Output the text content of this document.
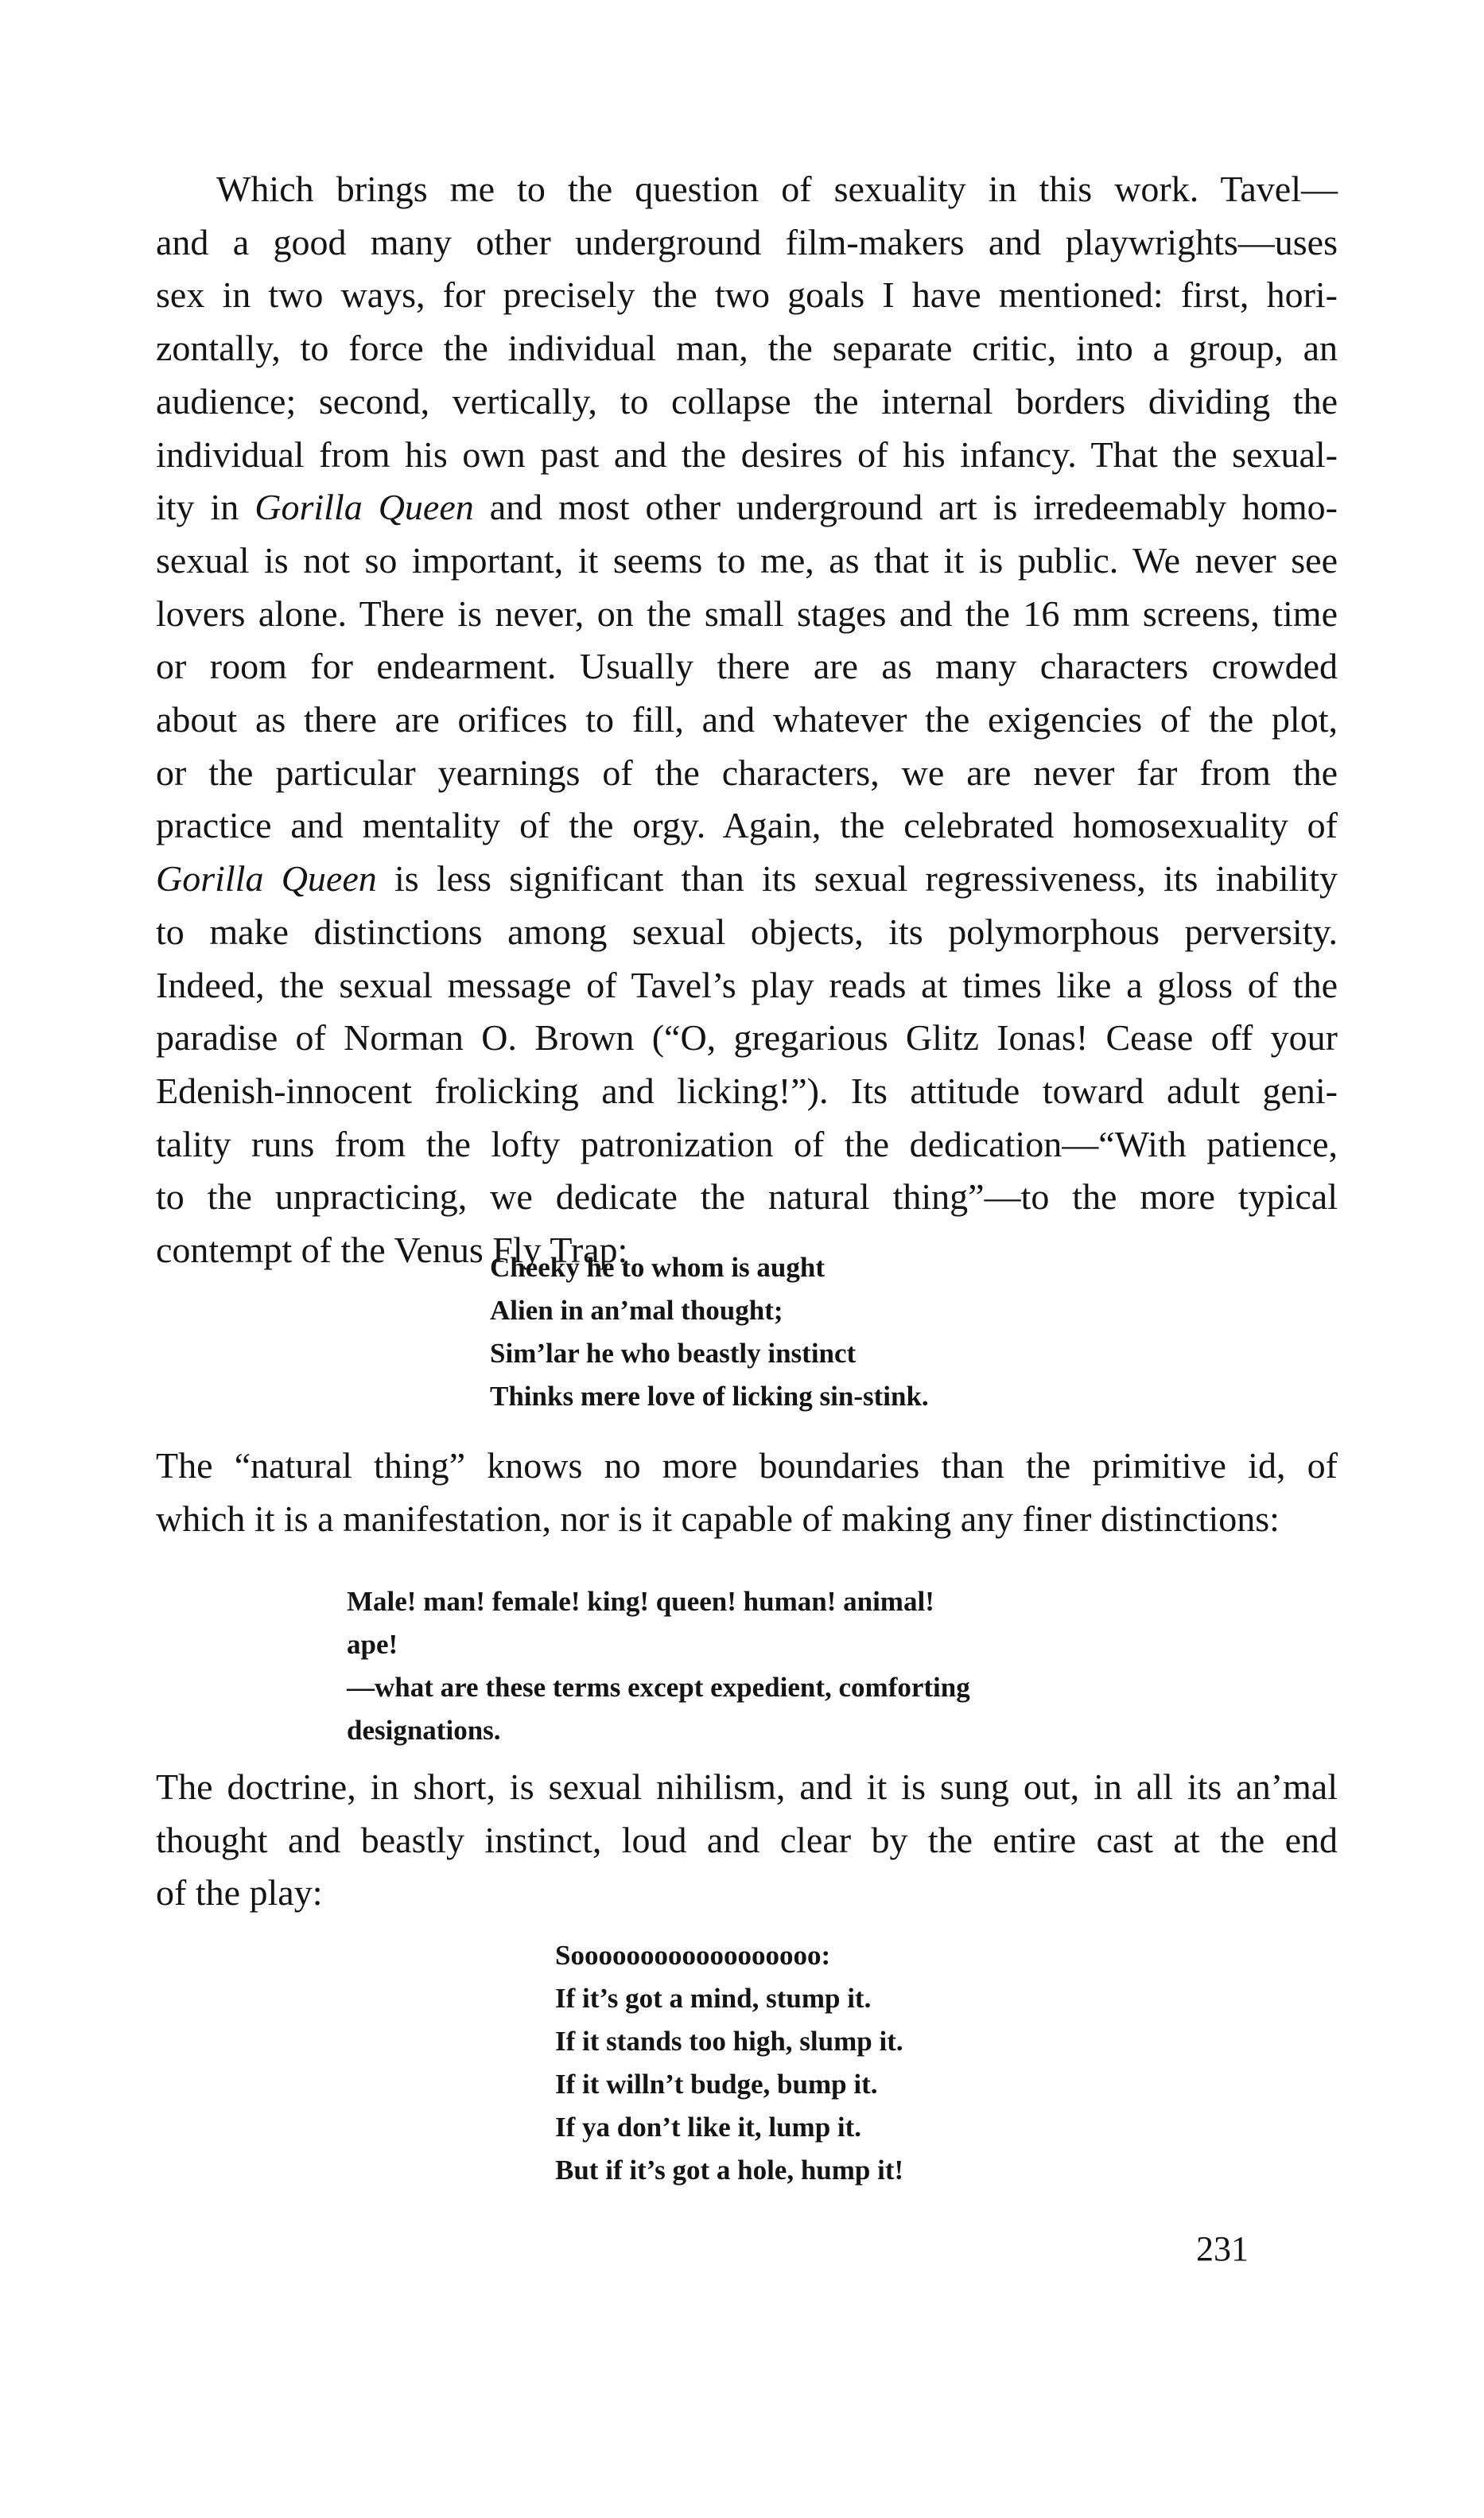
Which brings me to the question of sexuality in this work. Tavel—
and a good many other underground film-makers and playwrights—uses
sex in two ways, for precisely the two goals I have mentioned: first, hori-
zontally, to force the individual man, the separate critic, into a group, an
audience; second, vertically, to collapse the internal borders dividing the
individual from his own past and the desires of his infancy. That the sexual-
ity in Gorilla Queen and most other underground art is irredeemably homo-
sexual is not so important, it seems to me, as that it is public. We never see
lovers alone. There is never, on the small stages and the 16 mm screens, time
or room for endearment. Usually there are as many characters crowded
about as there are orifices to fill, and whatever the exigencies of the plot,
or the particular yearnings of the characters, we are never far from the
practice and mentality of the orgy. Again, the celebrated homosexuality of
Gorilla Queen is less significant than its sexual regressiveness, its inability
to make distinctions among sexual objects, its polymorphous perversity.
Indeed, the sexual message of Tavel’s play reads at times like a gloss of the
paradise of Norman O. Brown (“O, gregarious Glitz Ionas! Cease off your
Edenish-innocent frolicking and licking!”). Its attitude toward adult geni-
tality runs from the lofty patronization of the dedication—“With patience,
to the unpracticing, we dedicate the natural thing”—to the more typical
contempt of the Venus Fly Trap:
Cheeky he to whom is aught
Alien in an’mal thought;
Sim’lar he who beastly instinct
Thinks mere love of licking sin-stink.
The “natural thing” knows no more boundaries than the primitive id, of
which it is a manifestation, nor is it capable of making any finer distinctions:
Male! man! female! king! queen! human! animal!
ape!
—what are these terms except expedient, comforting
designations.
The doctrine, in short, is sexual nihilism, and it is sung out, in all its an’mal
thought and beastly instinct, loud and clear by the entire cast at the end
of the play:
Soooooooooooooooooo:
If it’s got a mind, stump it.
If it stands too high, slump it.
If it willn’t budge, bump it.
If ya don’t like it, lump it.
But if it’s got a hole, hump it!
231
